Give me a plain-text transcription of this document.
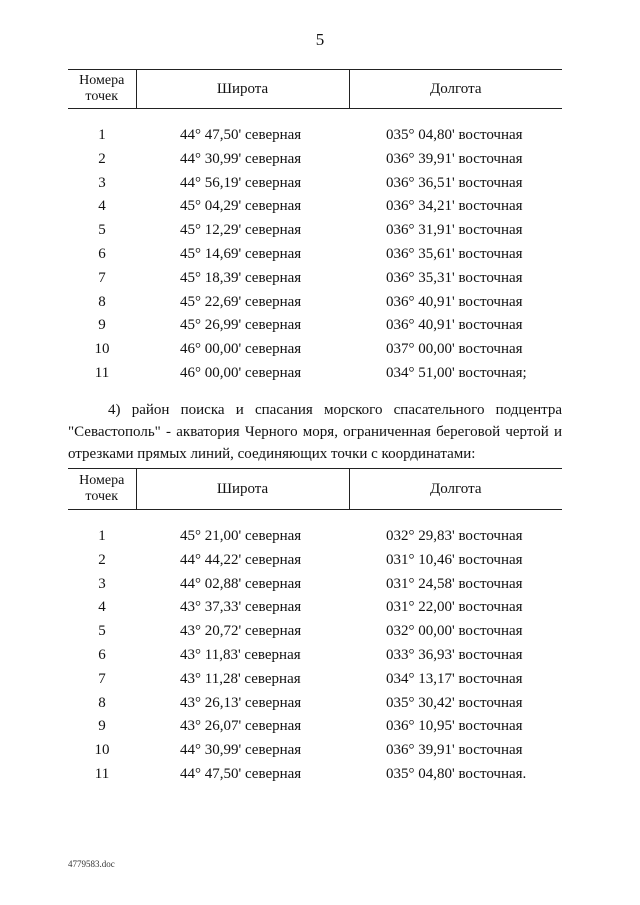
5
Номера
точек	Широта	Долгота

1	44° 47,50' северная	035° 04,80' восточная
2	44° 30,99' северная	036° 39,91' восточная
3	44° 56,19' северная	036° 36,51' восточная
4	45° 04,29' северная	036° 34,21' восточная
5	45° 12,29' северная	036° 31,91' восточная
6	45° 14,69' северная	036° 35,61' восточная
7	45° 18,39' северная	036° 35,31' восточная
8	45° 22,69' северная	036° 40,91' восточная
9	45° 26,99' северная	036° 40,91' восточная
10	46° 00,00' северная	037° 00,00' восточная
11	46° 00,00' северная	034° 51,00' восточная;
4) район поиска и спасания морского спасательного подцентра "Севастополь" - акватория Черного моря, ограниченная береговой чертой и отрезками прямых линий, соединяющих точки с координатами:
Номера
точек	Широта	Долгота

1	45° 21,00' северная	032° 29,83' восточная
2	44° 44,22' северная	031° 10,46' восточная
3	44° 02,88' северная	031° 24,58' восточная
4	43° 37,33' северная	031° 22,00' восточная
5	43° 20,72' северная	032° 00,00' восточная
6	43° 11,83' северная	033° 36,93' восточная
7	43° 11,28' северная	034° 13,17' восточная
8	43° 26,13' северная	035° 30,42' восточная
9	43° 26,07' северная	036° 10,95' восточная
10	44° 30,99' северная	036° 39,91' восточная
11	44° 47,50' северная	035° 04,80' восточная.
4779583.doc
